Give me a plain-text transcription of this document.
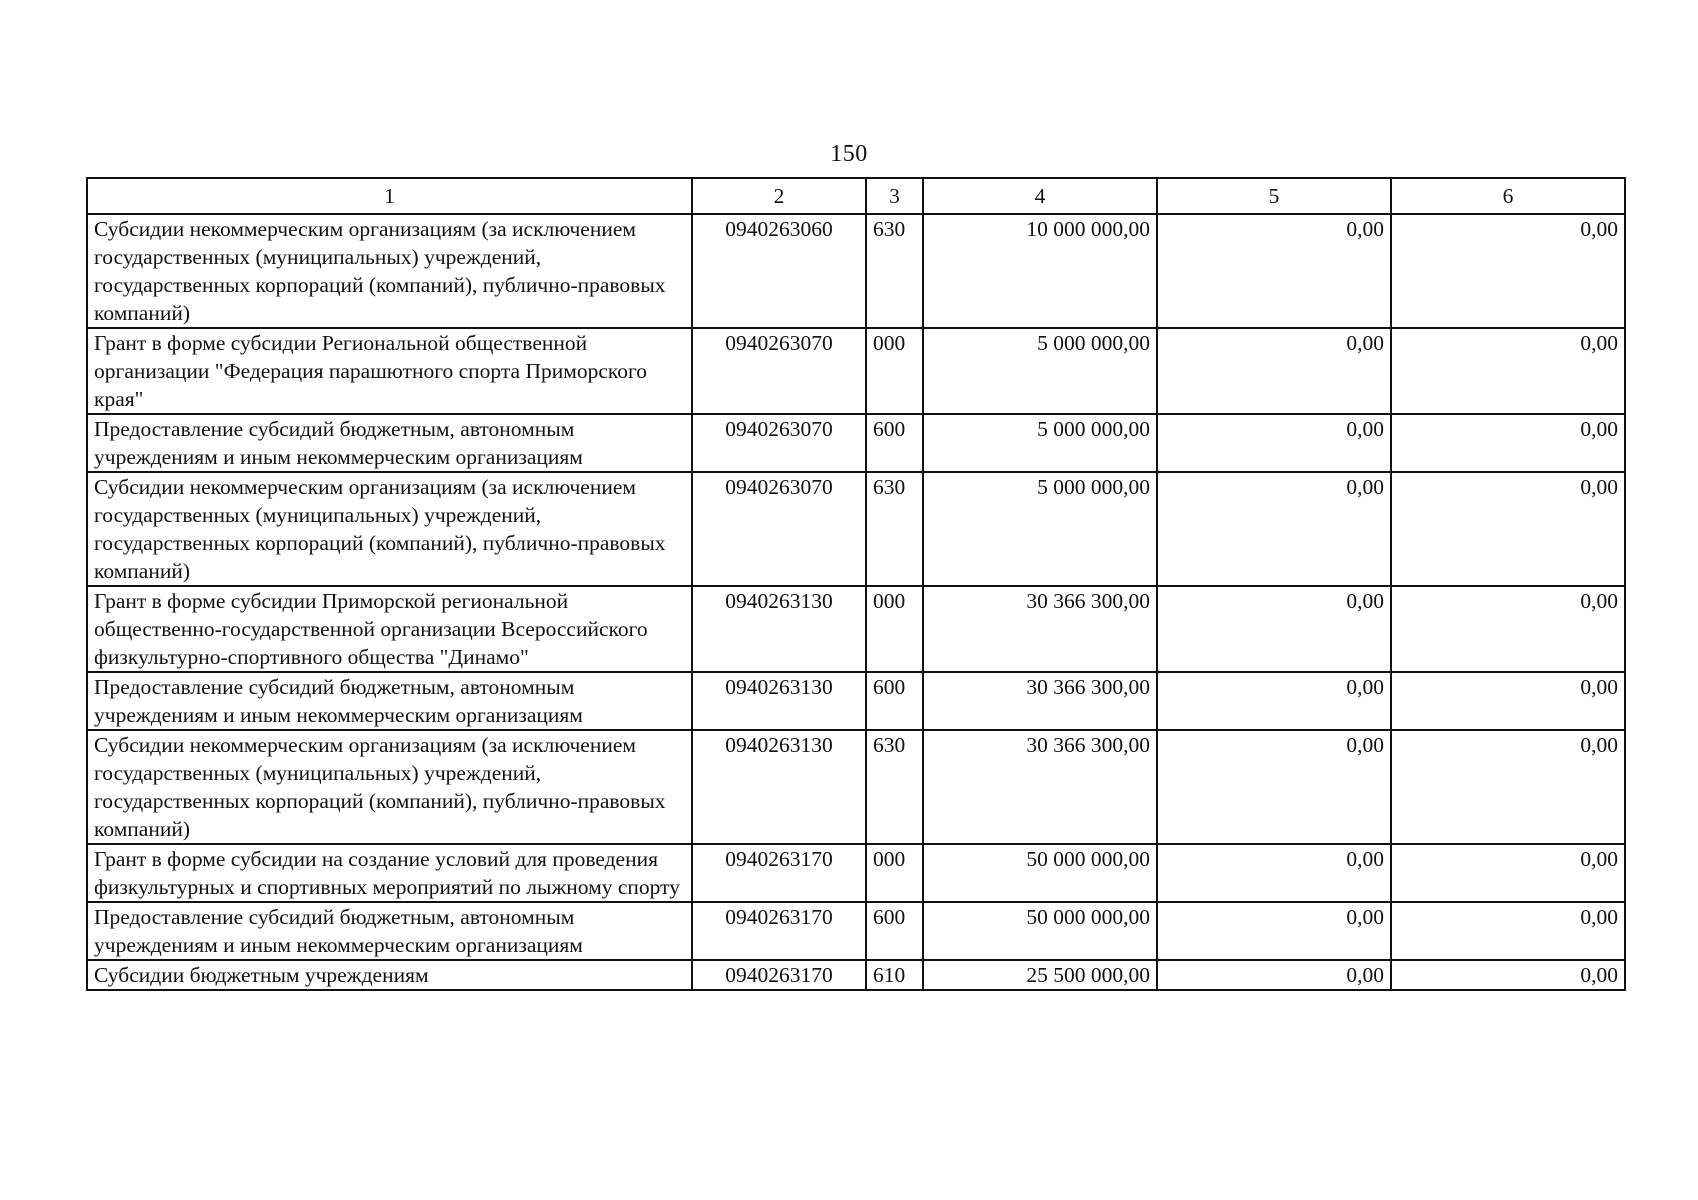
150
1	2	3	4	5	6
Субсидии некоммерческим организациям (за исключением государственных (муниципальных) учреждений, государственных корпораций (компаний), публично-правовых компаний)	0940263060	630	10 000 000,00	0,00	0,00
Грант в форме субсидии Региональной общественной организации "Федерация парашютного спорта Приморского края"	0940263070	000	5 000 000,00	0,00	0,00
Предоставление субсидий бюджетным, автономным учреждениям и иным некоммерческим организациям	0940263070	600	5 000 000,00	0,00	0,00
Субсидии некоммерческим организациям (за исключением государственных (муниципальных) учреждений, государственных корпораций (компаний), публично-правовых компаний)	0940263070	630	5 000 000,00	0,00	0,00
Грант в форме субсидии Приморской региональной общественно-государственной организации Всероссийского физкультурно-спортивного общества "Динамо"	0940263130	000	30 366 300,00	0,00	0,00
Предоставление субсидий бюджетным, автономным учреждениям и иным некоммерческим организациям	0940263130	600	30 366 300,00	0,00	0,00
Субсидии некоммерческим организациям (за исключением государственных (муниципальных) учреждений, государственных корпораций (компаний), публично-правовых компаний)	0940263130	630	30 366 300,00	0,00	0,00
Грант в форме субсидии на создание условий для проведения физкультурных и спортивных мероприятий по лыжному спорту	0940263170	000	50 000 000,00	0,00	0,00
Предоставление субсидий бюджетным, автономным учреждениям и иным некоммерческим организациям	0940263170	600	50 000 000,00	0,00	0,00
Субсидии бюджетным учреждениям	0940263170	610	25 500 000,00	0,00	0,00
